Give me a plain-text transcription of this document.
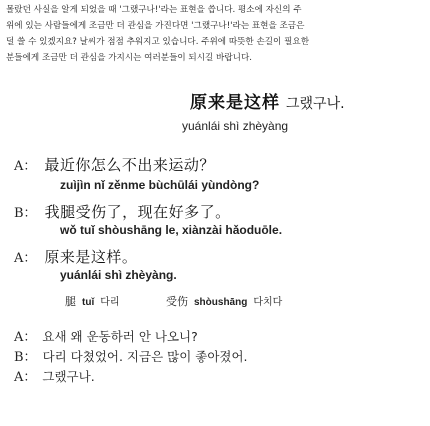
몰랐던 사실을 알게 되었을 때 '그랬구나!'라는 표현을 씁니다. 평소에 자신의 주
위에 있는 사람들에게 조금만 더 관심을 가진다면 '그랬구나!'라는 표현을 조금은
덜 쓸 수 있겠지요? 날씨가 점점 추워지고 있습니다. 주위에 따뜻한 손길이 필요한
분들에게 조금만 더 관심을 가지시는 여러분들이 되시길 바랍니다.
原来是这样 그랬구나.
yuánlái shì zhèyàng
A： 最近你怎么不出来运动？
zuìjìn nǐ zěnme bùchūlái yùndòng?
B： 我腿受伤了，现在好多了。
wǒ tuǐ shòushāng le, xiànzài hǎoduōle.
A： 原来是这样。
yuánlái shì zhèyàng.
腿 tuǐ 다리	受伤 shòushāng 다치다
A： 요새 왜 운동하러 안 나오니?
B： 다리 다쳤었어. 지금은 많이 좋아졌어.
A： 그랬구나.
